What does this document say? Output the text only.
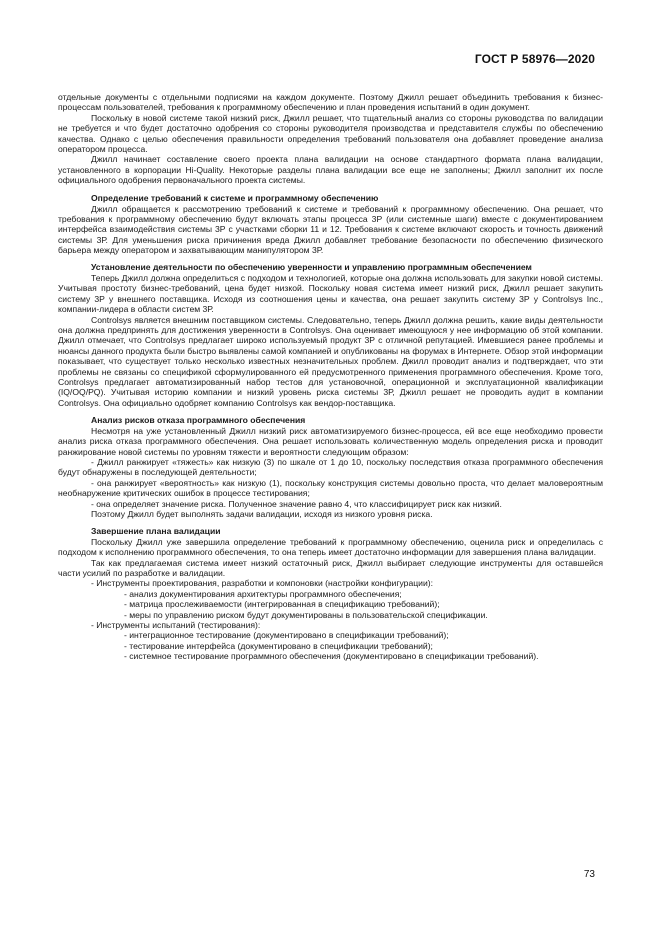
ГОСТ Р 58976—2020

отдельные документы с отдельными подписями на каждом документе. Поэтому Джилл решает объединить требования к бизнес-процессам пользователей, требования к программному обеспечению и план проведения испытаний в один документ.

Поскольку в новой системе такой низкий риск, Джилл решает, что тщательный анализ со стороны руководства по валидации не требуется и что будет достаточно одобрения со стороны руководителя производства и представителя службы по обеспечению качества. Однако с целью обеспечения правильности определения требований пользователя она добавляет проведение анализа оператором процесса.

Джилл начинает составление своего проекта плана валидации на основе стандартного формата плана валидации, установленного в корпорации Hi-Quality. Некоторые разделы плана валидации все еще не заполнены; Джилл заполнит их после официального одобрения первоначального проекта системы.

Определение требований к системе и программному обеспечению

Джилл обращается к рассмотрению требований к системе и требований к программному обеспечению. Она решает, что требования к программному обеспечению будут включать этапы процесса 3Р (или системные шаги) вместе с документированием интерфейса взаимодействия системы 3Р с участками сборки 11 и 12. Требования к системе включают скорость и точность движений системы 3Р. Для уменьшения риска причинения вреда Джилл добавляет требование безопасности по обеспечению физического барьера между оператором и захватывающим манипулятором 3Р.

Установление деятельности по обеспечению уверенности и управлению программным обеспечением

Теперь Джилл должна определиться с подходом и технологией, которые она должна использовать для закупки новой системы. Учитывая простоту бизнес-требований, цена будет низкой. Поскольку новая система имеет низкий риск, Джилл решает закупить систему 3Р у внешнего поставщика. Исходя из соотношения цены и качества, она решает закупить систему 3Р у Controlsys Inc., компании-лидера в области систем 3Р.

Controlsys является внешним поставщиком системы. Следовательно, теперь Джилл должна решить, какие виды деятельности она должна предпринять для достижения уверенности в Controlsys. Она оценивает имеющуюся у нее информацию об этой компании. Джилл отмечает, что Controlsys предлагает широко используемый продукт 3Р с отличной репутацией. Имевшиеся ранее проблемы и нюансы данного продукта были быстро выявлены самой компанией и опубликованы на форумах в Интернете. Обзор этой информации показывает, что существует только несколько известных незначительных проблем. Джилл проводит анализ и подтверждает, что эти проблемы не связаны со спецификой сформулированного ей предусмотренного применения программного обеспечения. Кроме того, Controlsys предлагает автоматизированный набор тестов для установочной, операционной и эксплуатационной квалификации (IQ/OQ/PQ). Учитывая историю компании и низкий уровень риска системы 3Р, Джилл решает не проводить аудит в компании Controlsys. Она официально одобряет компанию Controlsys как вендор-поставщика.

Анализ рисков отказа программного обеспечения

Несмотря на уже установленный Джилл низкий риск автоматизируемого бизнес-процесса, ей все еще необходимо провести анализ риска отказа программного обеспечения. Она решает использовать количественную модель определения риска и проводит ранжирование новой системы по уровням тяжести и вероятности следующим образом:

- Джилл ранжирует «тяжесть» как низкую (3) по шкале от 1 до 10, поскольку последствия отказа программного обеспечения будут обнаружены в последующей деятельности;

- она ранжирует «вероятность» как низкую (1), поскольку конструкция системы довольно проста, что делает маловероятным необнаружение критических ошибок в процессе тестирования;

- она определяет значение риска. Полученное значение равно 4, что классифицирует риск как низкий.

Поэтому Джилл будет выполнять задачи валидации, исходя из низкого уровня риска.

Завершение плана валидации

Поскольку Джилл уже завершила определение требований к программному обеспечению, оценила риск и определилась с подходом к исполнению программного обеспечения, то она теперь имеет достаточно информации для завершения плана валидации.

Так как предлагаемая система имеет низкий остаточный риск, Джилл выбирает следующие инструменты для оставшейся части усилий по разработке и валидации.

- Инструменты проектирования, разработки и компоновки (настройки конфигурации):

- анализ документирования архитектуры программного обеспечения;

- матрица прослеживаемости (интегрированная в спецификацию требований);

- меры по управлению риском будут документированы в пользовательской спецификации.

- Инструменты испытаний (тестирования):

- интеграционное тестирование (документировано в спецификации требований);

- тестирование интерфейса (документировано в спецификации требований);

- системное тестирование программного обеспечения (документировано в спецификации требований).

73
